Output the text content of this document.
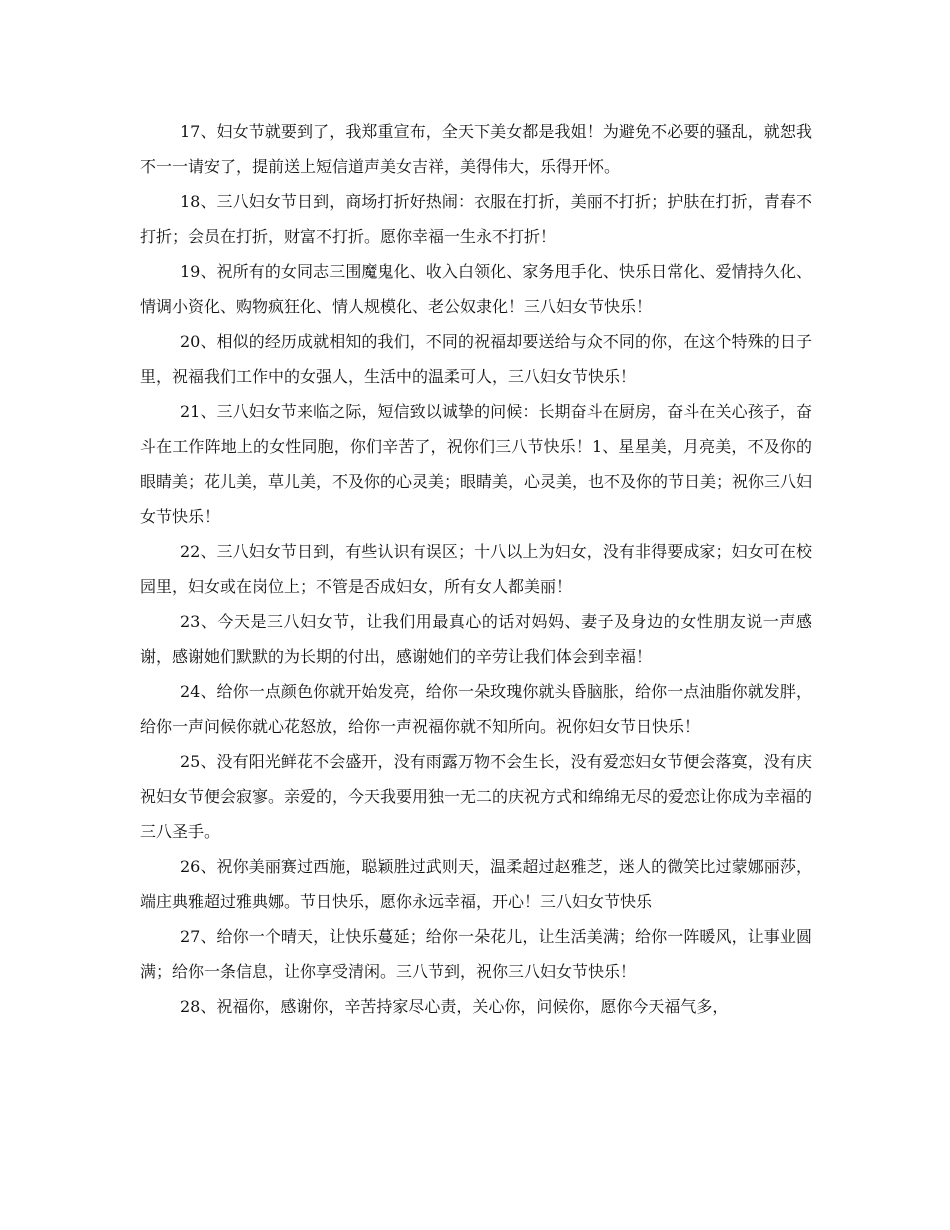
17、妇女节就要到了，我郑重宣布，全天下美女都是我姐！为避免不必要的骚乱，就恕我不一一请安了，提前送上短信道声美女吉祥，美得伟大，乐得开怀。

18、三八妇女节日到，商场打折好热闹：衣服在打折，美丽不打折；护肤在打折，青春不打折；会员在打折，财富不打折。愿你幸福一生永不打折！

19、祝所有的女同志三围魔鬼化、收入白领化、家务甩手化、快乐日常化、爱情持久化、情调小资化、购物疯狂化、情人规模化、老公奴隶化！三八妇女节快乐！

20、相似的经历成就相知的我们，不同的祝福却要送给与众不同的你，在这个特殊的日子里，祝福我们工作中的女强人，生活中的温柔可人，三八妇女节快乐！

21、三八妇女节来临之际，短信致以诚挚的问候：长期奋斗在厨房，奋斗在关心孩子，奋斗在工作阵地上的女性同胞，你们辛苦了，祝你们三八节快乐！1、星星美，月亮美，不及你的眼睛美；花儿美，草儿美，不及你的心灵美；眼睛美，心灵美，也不及你的节日美；祝你三八妇女节快乐！

22、三八妇女节日到，有些认识有误区；十八以上为妇女，没有非得要成家；妇女可在校园里，妇女或在岗位上；不管是否成妇女，所有女人都美丽！

23、今天是三八妇女节，让我们用最真心的话对妈妈、妻子及身边的女性朋友说一声感谢，感谢她们默默的为长期的付出，感谢她们的辛劳让我们体会到幸福！

24、给你一点颜色你就开始发亮，给你一朵玫瑰你就头昏脑胀，给你一点油脂你就发胖，给你一声问候你就心花怒放，给你一声祝福你就不知所向。祝你妇女节日快乐！

25、没有阳光鲜花不会盛开，没有雨露万物不会生长，没有爱恋妇女节便会落寞，没有庆祝妇女节便会寂寥。亲爱的，今天我要用独一无二的庆祝方式和绵绵无尽的爱恋让你成为幸福的三八圣手。

26、祝你美丽赛过西施，聪颖胜过武则天，温柔超过赵雅芝，迷人的微笑比过蒙娜丽莎，端庄典雅超过雅典娜。节日快乐，愿你永远幸福，开心！三八妇女节快乐

27、给你一个晴天，让快乐蔓延；给你一朵花儿，让生活美满；给你一阵暖风，让事业圆满；给你一条信息，让你享受清闲。三八节到，祝你三八妇女节快乐！

28、祝福你，感谢你，辛苦持家尽心责，关心你，问候你，愿你今天福气多，
